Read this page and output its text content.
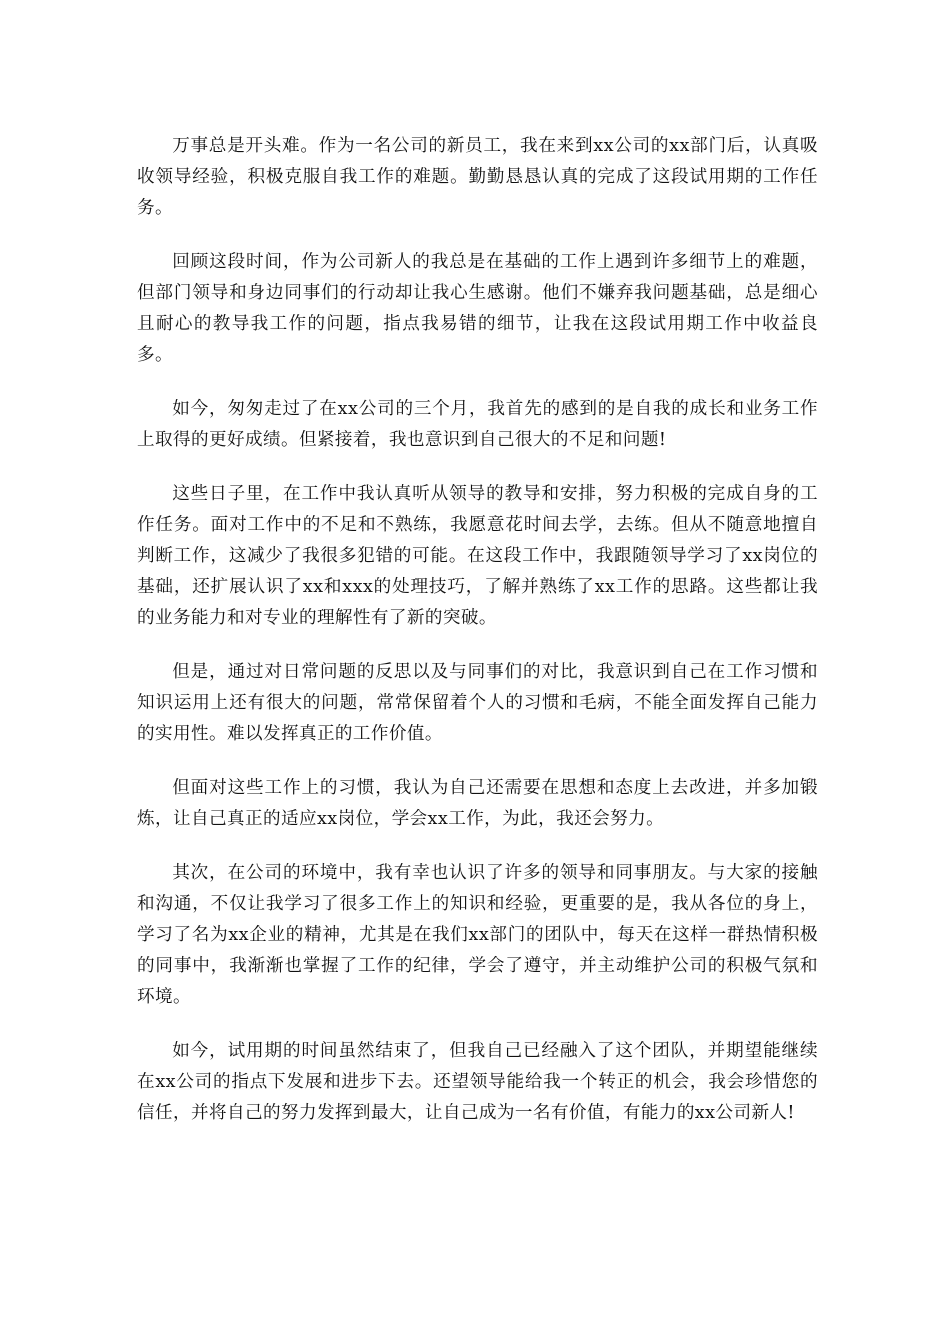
万事总是开头难。作为一名公司的新员工，我在来到xx公司的xx部门后，认真吸收领导经验，积极克服自我工作的难题。勤勤恳恳认真的完成了这段试用期的工作任务。

回顾这段时间，作为公司新人的我总是在基础的工作上遇到许多细节上的难题，但部门领导和身边同事们的行动却让我心生感谢。他们不嫌弃我问题基础，总是细心且耐心的教导我工作的问题，指点我易错的细节，让我在这段试用期工作中收益良多。

如今，匆匆走过了在xx公司的三个月，我首先的感到的是自我的成长和业务工作上取得的更好成绩。但紧接着，我也意识到自己很大的不足和问题!

这些日子里，在工作中我认真听从领导的教导和安排，努力积极的完成自身的工作任务。面对工作中的不足和不熟练，我愿意花时间去学，去练。但从不随意地擅自判断工作，这减少了我很多犯错的可能。在这段工作中，我跟随领导学习了xx岗位的基础，还扩展认识了xx和xxx的处理技巧，了解并熟练了xx工作的思路。这些都让我的业务能力和对专业的理解性有了新的突破。

但是，通过对日常问题的反思以及与同事们的对比，我意识到自己在工作习惯和知识运用上还有很大的问题，常常保留着个人的习惯和毛病，不能全面发挥自己能力的实用性。难以发挥真正的工作价值。

但面对这些工作上的习惯，我认为自己还需要在思想和态度上去改进，并多加锻炼，让自己真正的适应xx岗位，学会xx工作，为此，我还会努力。

其次，在公司的环境中，我有幸也认识了许多的领导和同事朋友。与大家的接触和沟通，不仅让我学习了很多工作上的知识和经验，更重要的是，我从各位的身上，学习了名为xx企业的精神，尤其是在我们xx部门的团队中，每天在这样一群热情积极的同事中，我渐渐也掌握了工作的纪律，学会了遵守，并主动维护公司的积极气氛和环境。

如今，试用期的时间虽然结束了，但我自己已经融入了这个团队，并期望能继续在xx公司的指点下发展和进步下去。还望领导能给我一个转正的机会，我会珍惜您的信任，并将自己的努力发挥到最大，让自己成为一名有价值，有能力的xx公司新人!
